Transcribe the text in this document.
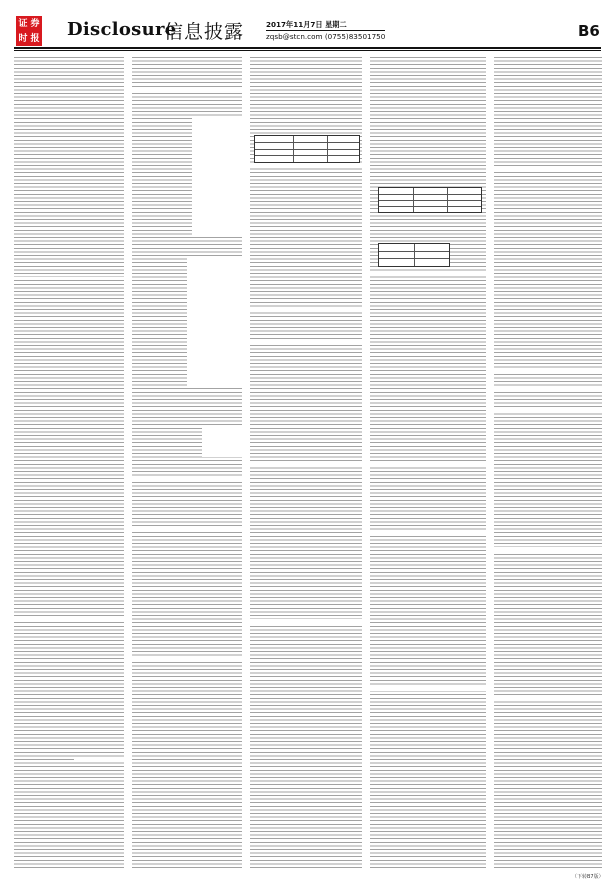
证 券
时 报 Disclosure
信息披露	2017年11月7日 星期二
zqsb@stcn.com (0755)83501750	B6
（下转B7版）
